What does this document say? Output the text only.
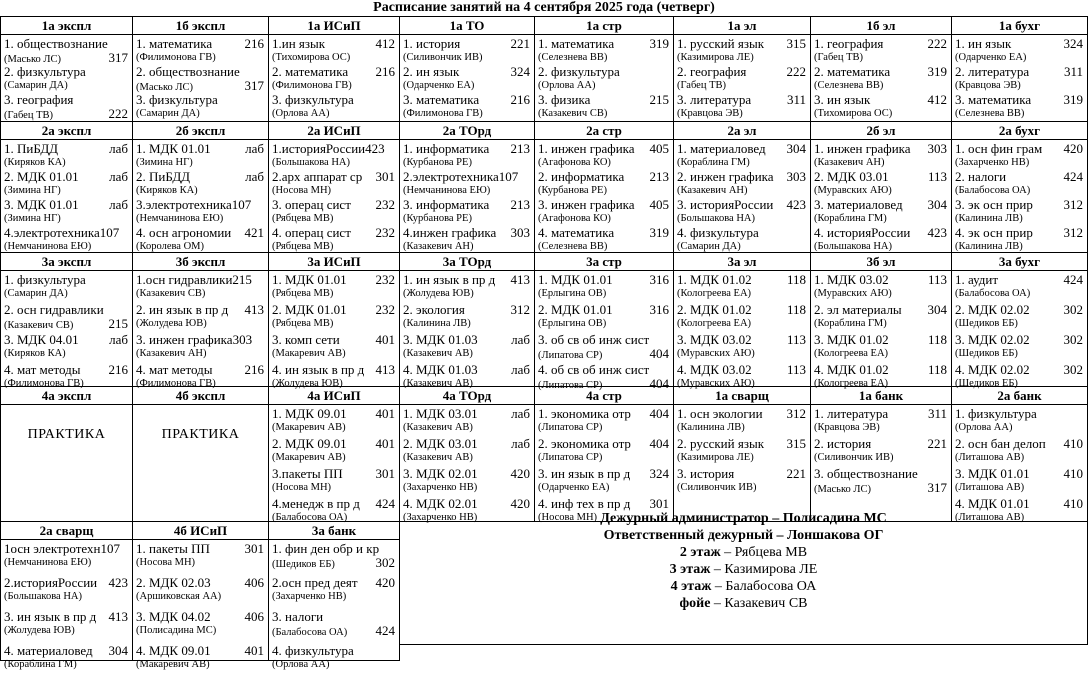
Расписание занятий на 4 сентября 2025 года (четверг)
1а экспл
1. обществознание
(Масько ЛС)	317
2. физкультура
(Самарин ДА)
3. география
(Габец ТВ)	222
1б экспл
1. математика 216
(Филимонова ГВ)
2. обществознание
(Масько ЛС)	317
3. физкультура
(Самарин ДА)
1а ИСиП
1.ин язык	412
(Тихомирова ОС)
2. математика 216
(Филимонова ГВ)
3. физкультура
(Орлова АА)
1а ТО
1. история	221
(Силивончик ИВ)
2. ин язык	324
(Одарченко ЕА)
3. математика 216
(Филимонова ГВ)
1а стр
1. математика	319
(Селезнева ВВ)
2. физкультура
(Орлова АА)
3. физика	215
(Казакевич СВ)
1а эл
1. русский язык 315
(Казимирова ЛЕ)
2. география	222
(Габец ТВ)
3. литература	311
(Кравцова ЭВ)
1б эл
1. география	222
(Габец ТВ)
2. математика	319
(Селезнева ВВ)
3. ин язык	412
(Тихомирова ОС)
1а бухг
1. ин язык	324
(Одарченко ЕА)
2. литература	311
(Кравцова ЭВ)
3. математика 319
(Селезнева ВВ)
2а экспл
1. ПиБДД	лаб
(Киряков КА)
2. МДК 01.01 лаб
(Зимина НГ)
3. МДК 01.01 лаб
(Зимина НГ)
4.электротехника107
(Немчанинова ЕЮ)
2б экспл
1. МДК 01.01	лаб
(Зимина НГ)
2. ПиБДД	лаб
(Киряков КА)
3.электротехника107
(Немчанинова ЕЮ)
4. осн агрономии 421
(Королева ОМ)
2а ИСиП
1.историяРоссии423
(Большакова НА)
2.арх аппарат ср 301
(Носова МН)
3. операц сист 232
(Рябцева МВ)
4. операц сист 232
(Рябцева МВ)
2а ТОрд
1. информатика 213
(Курбанова РЕ)
2.электротехника107
(Немчанинова ЕЮ)
3. информатика 213
(Курбанова РЕ)
4.инжен графика 303
(Казакевич АН)
2а стр
1. инжен графика 405
(Агафонова КО)
2. информатика 213
(Курбанова РЕ)
3. инжен графика 405
(Агафонова КО)
4. математика	319
(Селезнева ВВ)
2а эл
1. материаловед 304
(Кораблина ГМ)
2. инжен графика 303
(Казакевич АН)
3. историяРоссии 423
(Большакова НА)
4. физкультура
(Самарин ДА)
2б эл
1. инжен графика 303
(Казакевич АН)
2. МДК 03.01	113
(Муравских АЮ)
3. материаловед 304
(Кораблина ГМ)
4. историяРоссии 423
(Большакова НА)
2а бухг
1. осн фин грам 420
(Захарченко НВ)
2. налоги	424
(Балабосова ОА)
3. эк осн прир 312
(Калинина ЛВ)
4. эк осн прир 312
(Калинина ЛВ)
3а экспл
1. физкультура
(Самарин ДА)
2. осн гидравлики
(Казакевич СВ)	215
3. МДК 04.01 лаб
(Киряков КА)
4. мат методы 216
(Филимонова ГВ)
3б экспл
1.осн гидравлики215
(Казакевич СВ)
2. ин язык в пр д 413
(Жолудева ЮВ)
3. инжен графика303
(Казакевич АН)
4. мат методы 216
(Филимонова ГВ)
3а ИСиП
1. МДК 01.01 232
(Рябцева МВ)
2. МДК 01.01 232
(Рябцева МВ)
3. комп сети	401
(Макаревич АВ)
4. ин язык в пр д 413
(Жолудева ЮВ)
3а ТОрд
1. ин язык в пр д 413
(Жолудева ЮВ)
2. экология	312
(Калинина ЛВ)
3. МДК 01.03	лаб
(Казакевич АВ)
4. МДК 01.03	лаб
(Казакевич АВ)
3а стр
1. МДК 01.01	316
(Ерлыгина ОВ)
2. МДК 01.01	316
(Ерлыгина ОВ)
3. об св об инж сист
(Липатова СР)	404
4. об св об инж сист
(Липатова СР)	404
3а эл
1. МДК 01.02	118
(Кологреева ЕА)
2. МДК 01.02	118
(Кологреева ЕА)
3. МДК 03.02	113
(Муравских АЮ)
4. МДК 03.02	113
(Муравских АЮ)
3б эл
1. МДК 03.02	113
(Муравских АЮ)
2. эл материалы 304
(Кораблина ГМ)
3. МДК 01.02	118
(Кологреева ЕА)
4. МДК 01.02	118
(Кологреева ЕА)
3а бухг
1. аудит	424
(Балабосова ОА)
2. МДК 02.02	302
(Шедиков ЕБ)
3. МДК 02.02	302
(Шедиков ЕБ)
4. МДК 02.02	302
(Шедиков ЕБ)
4а экспл
ПРАКТИКА
4б экспл
ПРАКТИКА
4а ИСиП
1. МДК 09.01 401
(Макаревич АВ)
2. МДК 09.01 401
(Макаревич АВ)
3.пакеты ПП	301
(Носова МН)
4.менедж в пр д 424
(Балабосова ОА)
4а ТОрд
1. МДК 03.01	лаб
(Казакевич АВ)
2. МДК 03.01	лаб
(Казакевич АВ)
3. МДК 02.01	420
(Захарченко НВ)
4. МДК 02.01	420
(Захарченко НВ)
4а стр
1. экономика отр 404
(Липатова СР)
2. экономика отр 404
(Липатова СР)
3. ин язык в пр д 324
(Одарченко ЕА)
4. инф тех в пр д 301
(Носова МН)
1а сварщ
1. осн экологии 312
(Калинина ЛВ)
2. русский язык 315
(Казимирова ЛЕ)
3. история	221
(Силивончик ИВ)
1а банк
1. литература	311
(Кравцова ЭВ)
2. история	221
(Силивончик ИВ)
3. обществознание
(Масько ЛС)	317
2а банк
1. физкультура
(Орлова АА)
2. осн бан делоп 410
(Литашова АВ)
3. МДК 01.01	410
(Литашова АВ)
4. МДК 01.01	410
(Литашова АВ)
2а сварщ
1осн электротехн107
(Немчанинова ЕЮ)
2.историяРоссии 423
(Большакова НА)
3. ин язык в пр д 413
(Жолудева ЮВ)
4. материаловед 304
(Кораблина ГМ)
4б ИСиП
1. пакеты ПП	301
(Носова МН)
2. МДК 02.03	406
(Аршиковская АА)
3. МДК 04.02	406
(Полисадина МС)
4. МДК 09.01	401
(Макаревич АВ)
3а банк
1. фин ден обр и кр
(Шедиков ЕБ)	302
2.осн пред деят 420
(Захарченко НВ)
3. налоги
(Балабосова ОА) 424
4. физкультура
(Орлова АА)
Дежурный администратор – Полисадина МС
Ответственный дежурный – Лоншакова ОГ
2 этаж – Рябцева МВ
3 этаж – Казимирова ЛЕ
4 этаж – Балабосова ОА
фойе – Казакевич СВ
